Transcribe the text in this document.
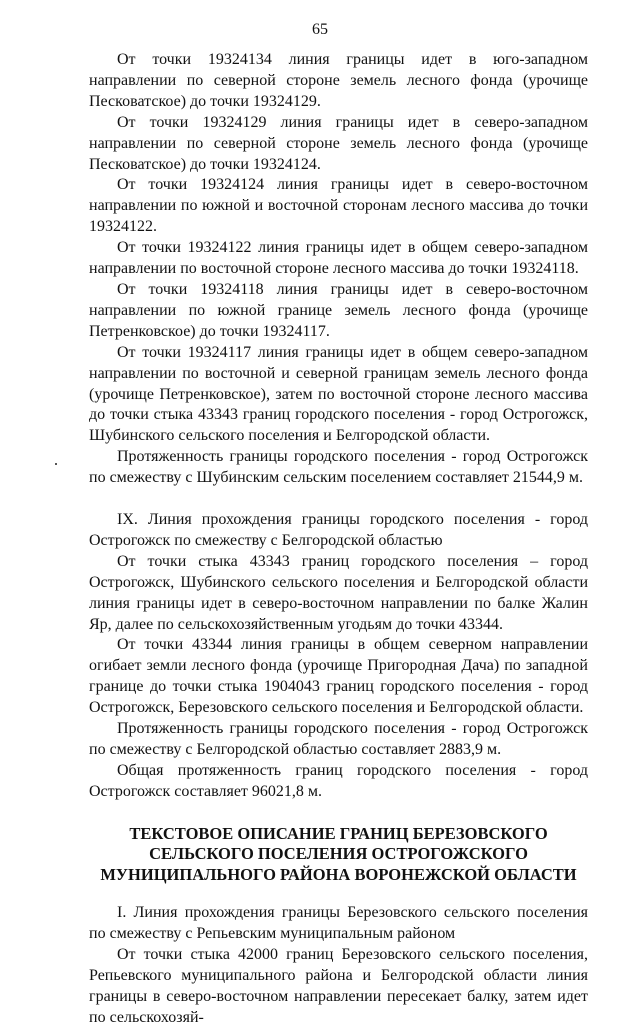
65

От точки 19324134 линия границы идет в юго-западном направлении по северной стороне земель лесного фонда (урочище Песковатское) до точки 19324129.

От точки 19324129 линия границы идет в северо-западном направлении по северной стороне земель лесного фонда (урочище Песковатское) до точки 19324124.

От точки 19324124 линия границы идет в северо-восточном направлении по южной и восточной сторонам лесного массива до точки 19324122.

От точки 19324122 линия границы идет в общем северо-западном направлении по восточной стороне лесного массива до точки 19324118.

От точки 19324118 линия границы идет в северо-восточном направлении по южной границе земель лесного фонда (урочище Петренковское) до точки 19324117.

От точки 19324117 линия границы идет в общем северо-западном направлении по восточной и северной границам земель лесного фонда (урочище Петренковское), затем по восточной стороне лесного массива до точки стыка 43343 границ городского поселения - город Острогожск, Шубинского сельского поселения и Белгородской области.

Протяженность границы городского поселения - город Острогожск по смежеству с Шубинским сельским поселением составляет 21544,9 м.

IX. Линия прохождения границы городского поселения - город Острогожск по смежеству с Белгородской областью

От точки стыка 43343 границ городского поселения – город Острогожск, Шубинского сельского поселения и Белгородской области линия границы идет в северо-восточном направлении по балке Жалин Яр, далее по сельскохозяйственным угодьям до точки 43344.

От точки 43344 линия границы в общем северном направлении огибает земли лесного фонда (урочище Пригородная Дача) по западной границе до точки стыка 1904043 границ городского поселения - город Острогожск, Березовского сельского поселения и Белгородской области.

Протяженность границы городского поселения - город Острогожск по смежеству с Белгородской областью составляет 2883,9 м.

Общая протяженность границ городского поселения - город Острогожск составляет 96021,8 м.

ТЕКСТОВОЕ ОПИСАНИЕ ГРАНИЦ БЕРЕЗОВСКОГО СЕЛЬСКОГО ПОСЕЛЕНИЯ ОСТРОГОЖСКОГО МУНИЦИПАЛЬНОГО РАЙОНА ВОРОНЕЖСКОЙ ОБЛАСТИ

I. Линия прохождения границы Березовского сельского поселения по смежеству с Репьевским муниципальным районом

От точки стыка 42000 границ Березовского сельского поселения, Репьевского муниципального района и Белгородской области линия границы в северо-восточном направлении пересекает балку, затем идет по сельскохозяй-
